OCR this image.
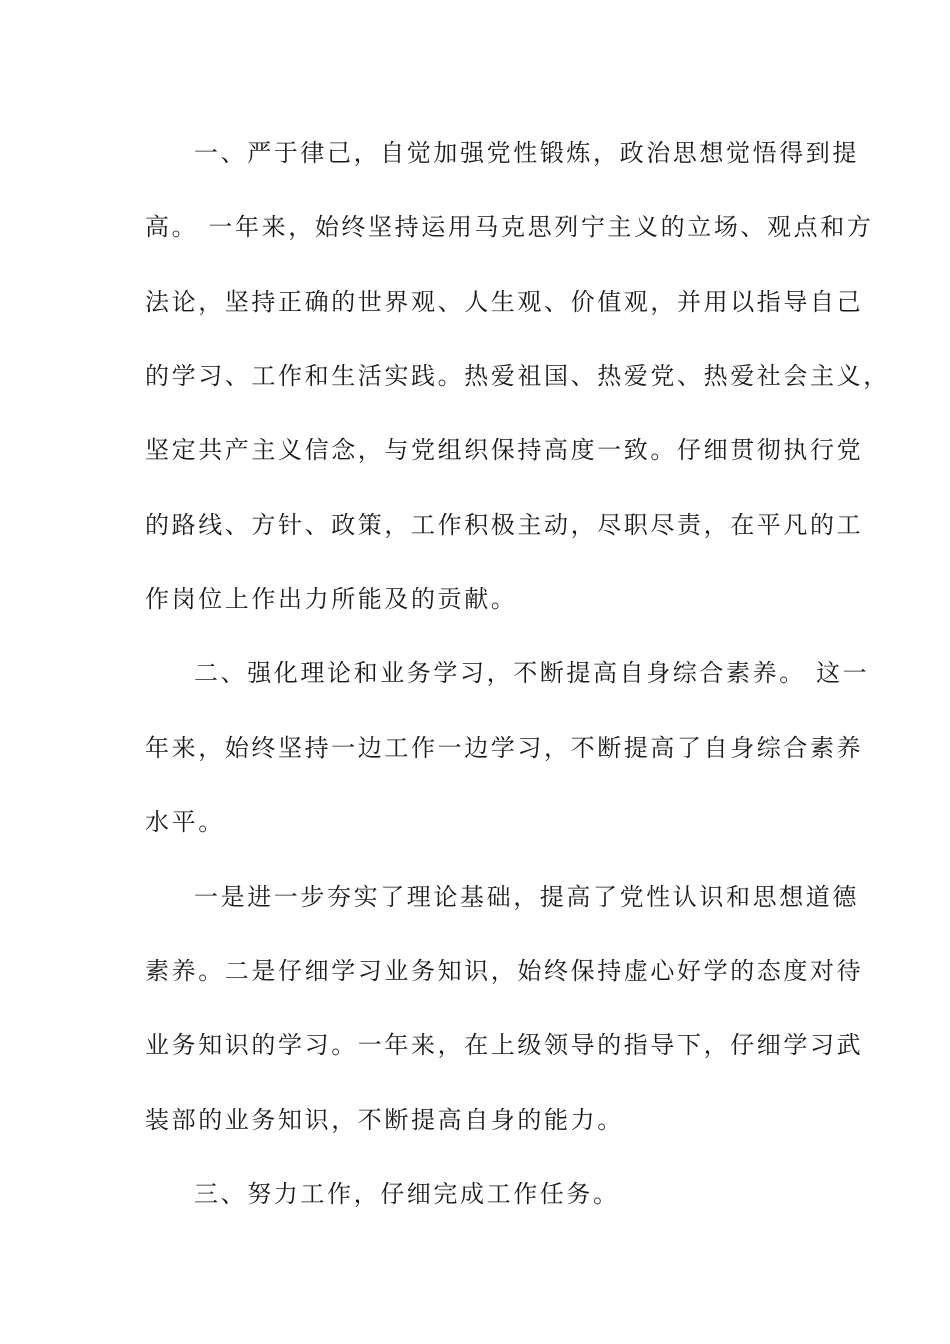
一、严于律己，自觉加强党性锻炼，政治思想觉悟得到提
高。 一年来，始终坚持运用马克思列宁主义的立场、观点和方
法论，坚持正确的世界观、人生观、价值观，并用以指导自己
的学习、工作和生活实践。热爱祖国、热爱党、热爱社会主义，
坚定共产主义信念，与党组织保持高度一致。仔细贯彻执行党
的路线、方针、政策，工作积极主动，尽职尽责，在平凡的工
作岗位上作出力所能及的贡献。
二、强化理论和业务学习，不断提高自身综合素养。 这一
年来，始终坚持一边工作一边学习，不断提高了自身综合素养
水平。
一是进一步夯实了理论基础，提高了党性认识和思想道德
素养。二是仔细学习业务知识，始终保持虚心好学的态度对待
业务知识的学习。一年来，在上级领导的指导下，仔细学习武
装部的业务知识，不断提高自身的能力。
三、努力工作，仔细完成工作任务。
